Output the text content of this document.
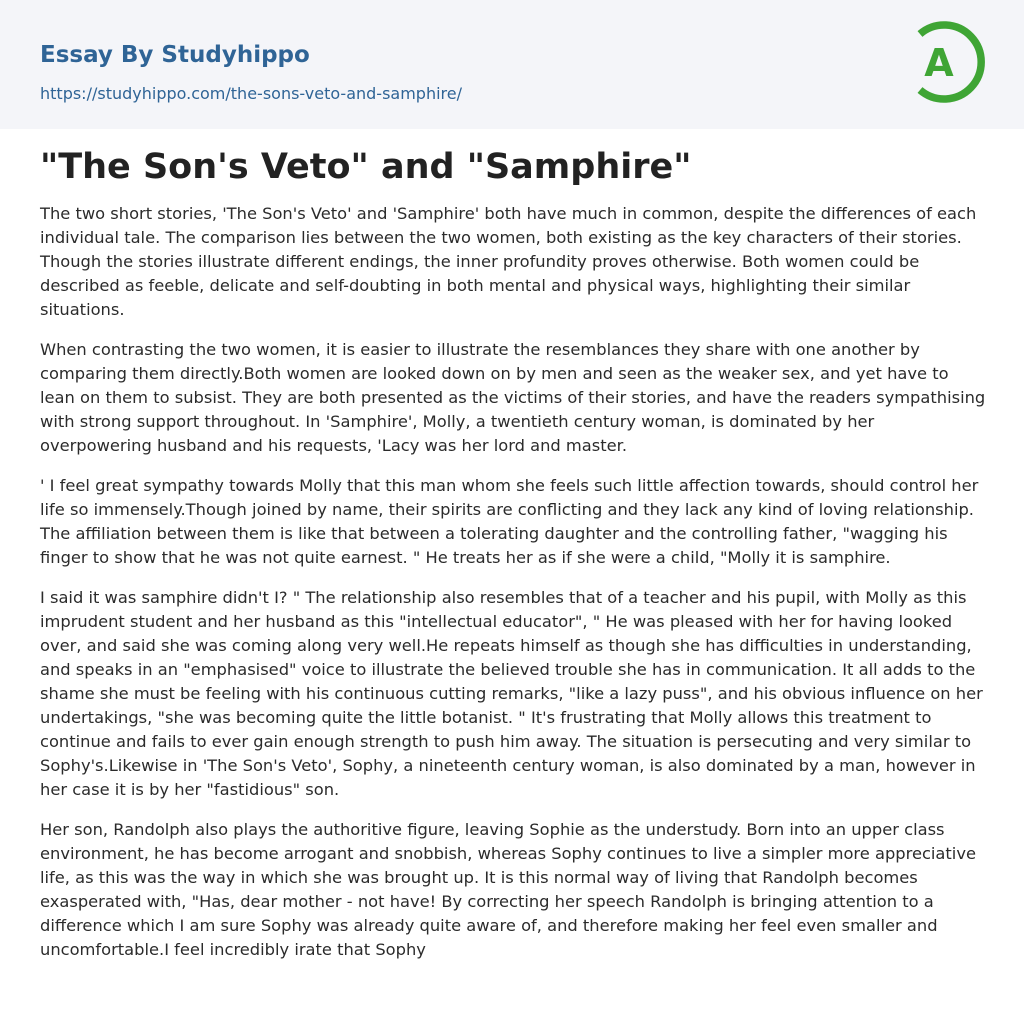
Essay By Studyhippo
https://studyhippo.com/the-sons-veto-and-samphire/
A
"The Son's Veto" and "Samphire"

The two short stories, 'The Son's Veto' and 'Samphire' both have much in common, despite the differences of each individual tale. The comparison lies between the two women, both existing as the key characters of their stories. Though the stories illustrate different endings, the inner profundity proves otherwise. Both women could be described as feeble, delicate and self-doubting in both mental and physical ways, highlighting their similar situations.

When contrasting the two women, it is easier to illustrate the resemblances they share with one another by comparing them directly.Both women are looked down on by men and seen as the weaker sex, and yet have to lean on them to subsist. They are both presented as the victims of their stories, and have the readers sympathising with strong support throughout. In 'Samphire', Molly, a twentieth century woman, is dominated by her overpowering husband and his requests, 'Lacy was her lord and master.

' I feel great sympathy towards Molly that this man whom she feels such little affection towards, should control her life so immensely.Though joined by name, their spirits are conflicting and they lack any kind of loving relationship. The affiliation between them is like that between a tolerating daughter and the controlling father, "wagging his finger to show that he was not quite earnest. " He treats her as if she were a child, "Molly it is samphire.

I said it was samphire didn't I? " The relationship also resembles that of a teacher and his pupil, with Molly as this imprudent student and her husband as this "intellectual educator", " He was pleased with her for having looked over, and said she was coming along very well.He repeats himself as though she has difficulties in understanding, and speaks in an "emphasised" voice to illustrate the believed trouble she has in communication. It all adds to the shame she must be feeling with his continuous cutting remarks, "like a lazy puss", and his obvious influence on her undertakings, "she was becoming quite the little botanist. " It's frustrating that Molly allows this treatment to continue and fails to ever gain enough strength to push him away. The situation is persecuting and very similar to Sophy's.Likewise in 'The Son's Veto', Sophy, a nineteenth century woman, is also dominated by a man, however in her case it is by her "fastidious" son.

Her son, Randolph also plays the authoritive figure, leaving Sophie as the understudy. Born into an upper class environment, he has become arrogant and snobbish, whereas Sophy continues to live a simpler more appreciative life, as this was the way in which she was brought up. It is this normal way of living that Randolph becomes exasperated with, "Has, dear mother - not have! By correcting her speech Randolph is bringing attention to a difference which I am sure Sophy was already quite aware of, and therefore making her feel even smaller and uncomfortable.I feel incredibly irate that Sophy
